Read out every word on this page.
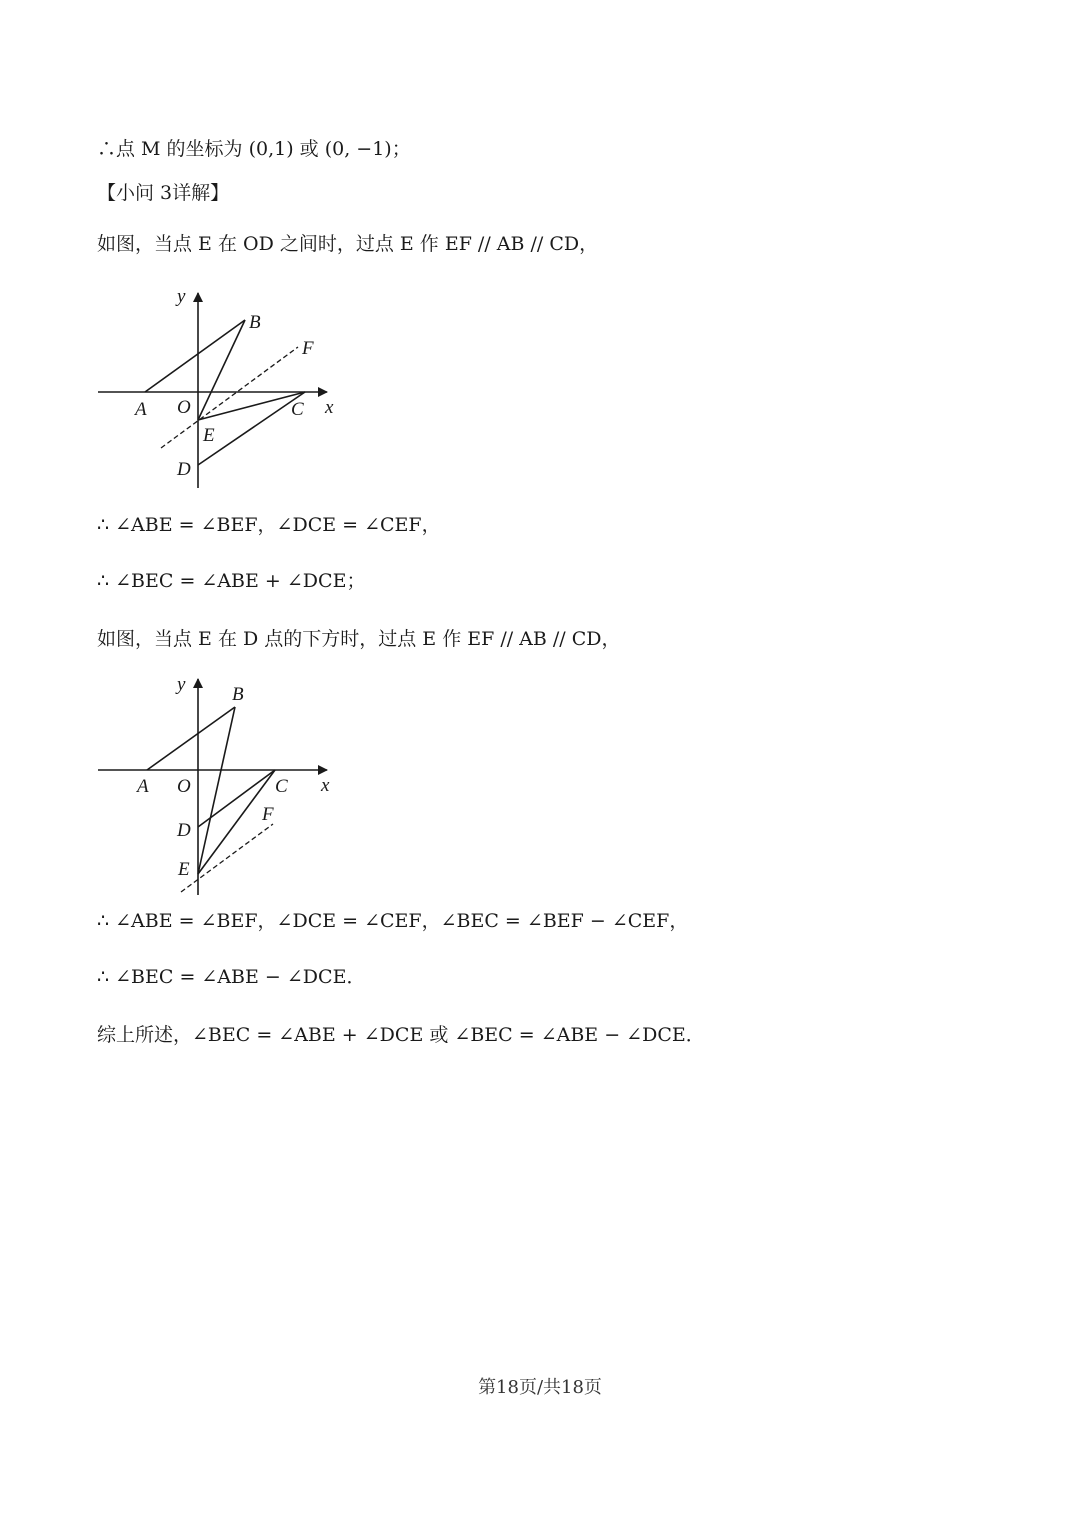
∴点 M 的坐标为 (0,1) 或 (0, −1)；
【小问 3详解】
如图，当点 E 在 OD 之间时，过点 E 作 EF // AB // CD，
y
x
A
B
C
D
E
F
O
∴ ∠ABE = ∠BEF，∠DCE = ∠CEF，
∴ ∠BEC = ∠ABE + ∠DCE；
如图，当点 E 在 D 点的下方时，过点 E 作 EF // AB // CD，
y
x
A
B
C
D
E
F
O
∴ ∠ABE = ∠BEF，∠DCE = ∠CEF，∠BEC = ∠BEF − ∠CEF，
∴ ∠BEC = ∠ABE − ∠DCE．
综上所述，∠BEC = ∠ABE + ∠DCE 或 ∠BEC = ∠ABE − ∠DCE．
第18页/共18页
